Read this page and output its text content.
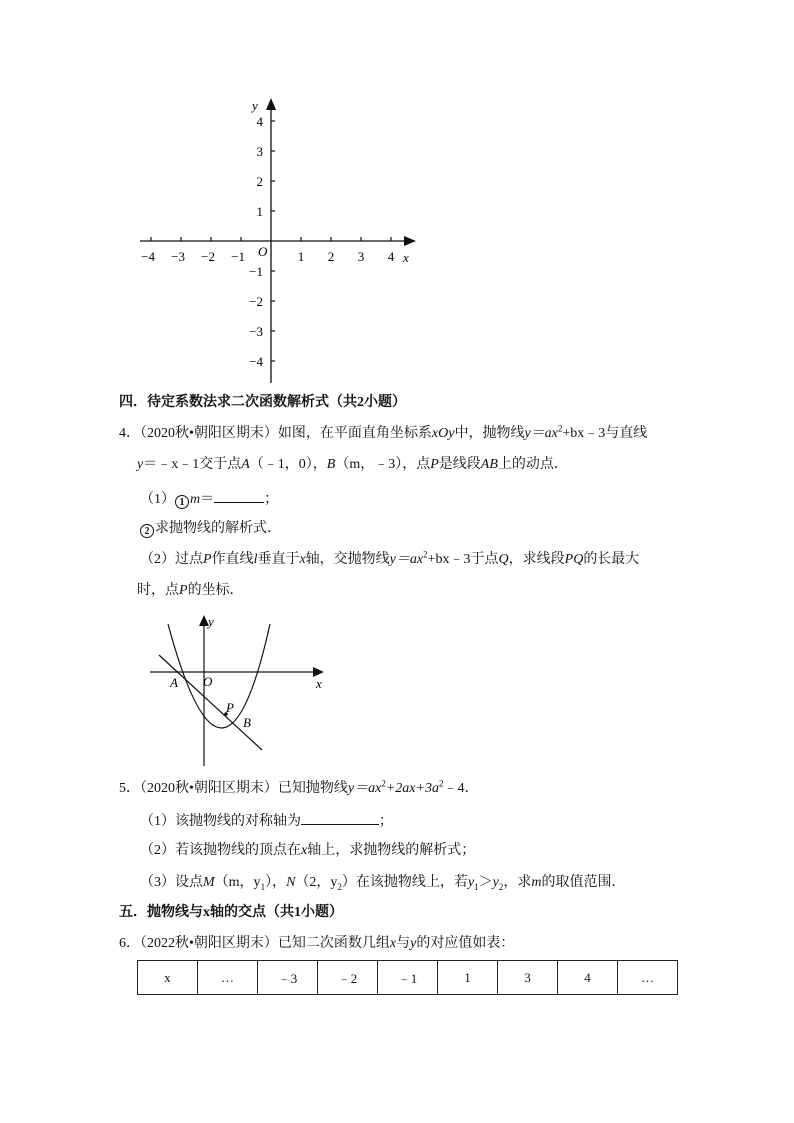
y
x
O
−4 −3 −2 −1	1 2 3 4
4
3
2
1
−1
−2
−3
−4
四．待定系数法求二次函数解析式（共2小题）
4．（2020秋•朝阳区期末）如图，在平面直角坐标系xOy中，抛物线$y=ax^2+bx﹣3$与直线
y＝﹣x﹣1交于点A（﹣1，0），B（m，﹣3），点P是线段AB上的动点．
（1） 1 m＝	；
2 求抛物线的解析式．
（2）过点P作直线l垂直于x轴，交抛物线$y=ax^2+bx﹣3$于点Q，求线段PQ的长最大
时，点P的坐标．
y
x
O
A
P
B
5．（2020秋•朝阳区期末）已知抛物线$y=ax^2+2ax+3a^2﹣4$．
（1）该抛物线的对称轴为	；
（2）若该抛物线的顶点在x轴上，求抛物线的解析式；
（3）设点M（m，$y_1$），N（2，$y_2$）在该抛物线上，若$y_1>y_2$，求m的取值范围．
五．抛物线与x轴的交点（共1小题）
6．（2022秋•朝阳区期末）已知二次函数几组x与y的对应值如表：
x	…	﹣3	﹣2	﹣1	1	3	4	…
